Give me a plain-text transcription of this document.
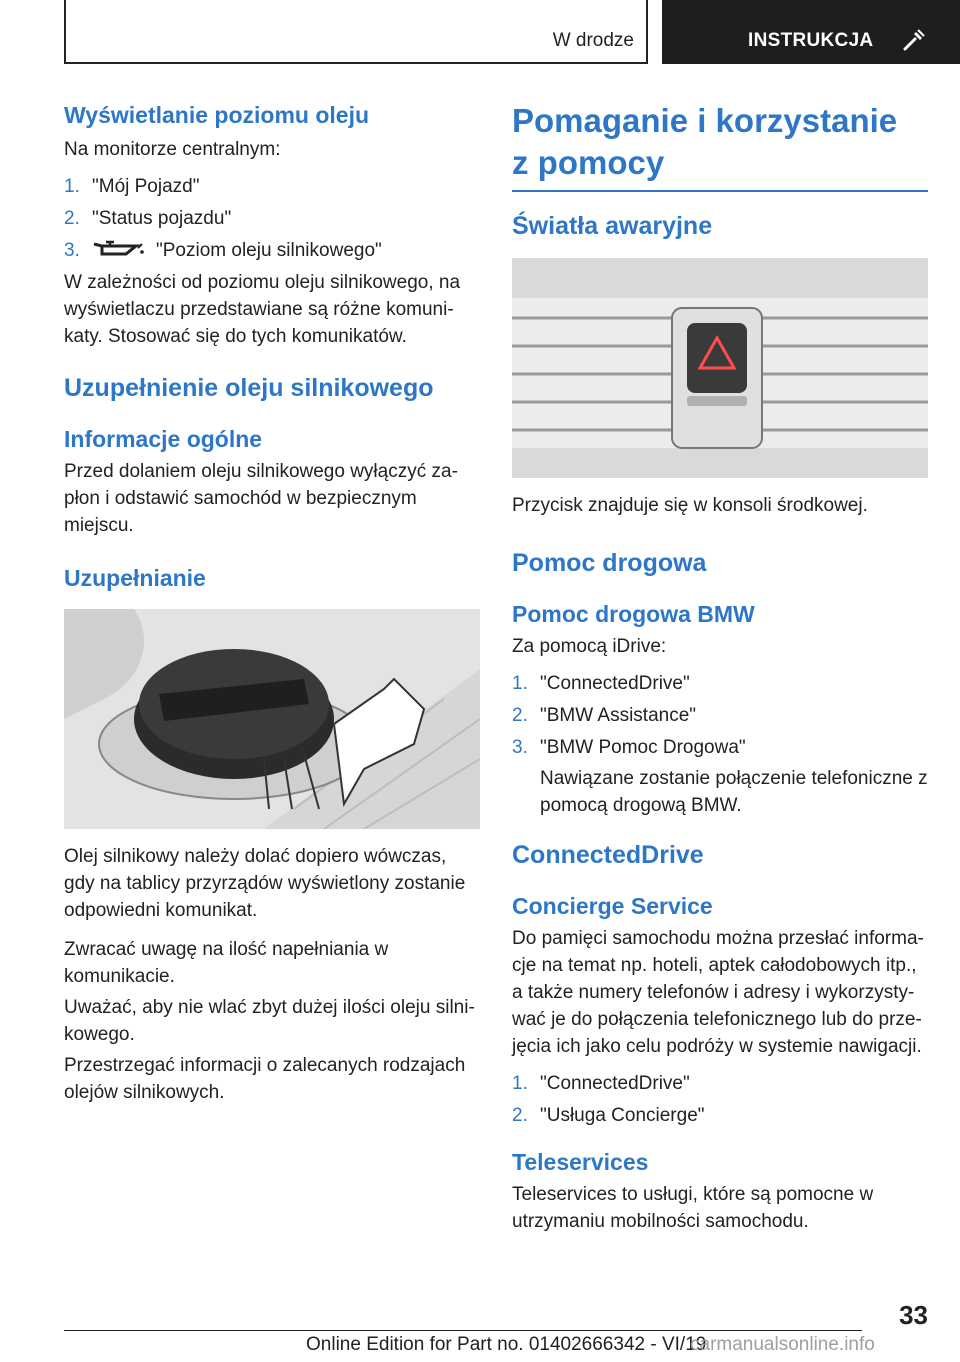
W drodze	INSTRUKCJA
Wyświetlanie poziomu oleju

Na monitorze centralnym:

1. "Mój Pojazd"
2. "Status pojazdu"
3.	"Poziom oleju silnikowego"

W zależności od poziomu oleju silnikowego, na wyświetlaczu przedstawiane są różne komunikaty. Stosować się do tych komunikatów.

Uzupełnienie oleju silnikowego
Informacje ogólne

Przed dolaniem oleju silnikowego wyłączyć zapłon i odstawić samochód w bezpiecznym miejscu.

Uzupełnianie

Olej silnikowy należy dolać dopiero wówczas, gdy na tablicy przyrządów wyświetlony zostanie odpowiedni komunikat.

Zwracać uwagę na ilość napełniania w komunikacie.

Uważać, aby nie wlać zbyt dużej ilości oleju silnikowego.

Przestrzegać informacji o zalecanych rodzajach olejów silnikowych.

Pomaganie i korzystanie
z pomocy
Światła awaryjne

Przycisk znajduje się w konsoli środkowej.

Pomoc drogowa
Pomoc drogowa BMW

Za pomocą iDrive:

1. "ConnectedDrive"
2. "BMW Assistance"
3. "BMW Pomoc Drogowa"
Nawiązane zostanie połączenie telefoniczne z pomocą drogową BMW.
ConnectedDrive
Concierge Service

Do pamięci samochodu można przesłać informacje na temat np. hoteli, aptek całodobowych itp., a także numery telefonów i adresy i wykorzystywać je do połączenia telefonicznego lub do przejęcia ich jako celu podróży w systemie nawigacji.

1. "ConnectedDrive"
2. "Usługa Concierge"
Teleservices

Teleservices to usługi, które są pomocne w utrzymaniu mobilności samochodu.

33
Online Edition for Part no. 01402666342 - VI/19
carmanualsonline.info
